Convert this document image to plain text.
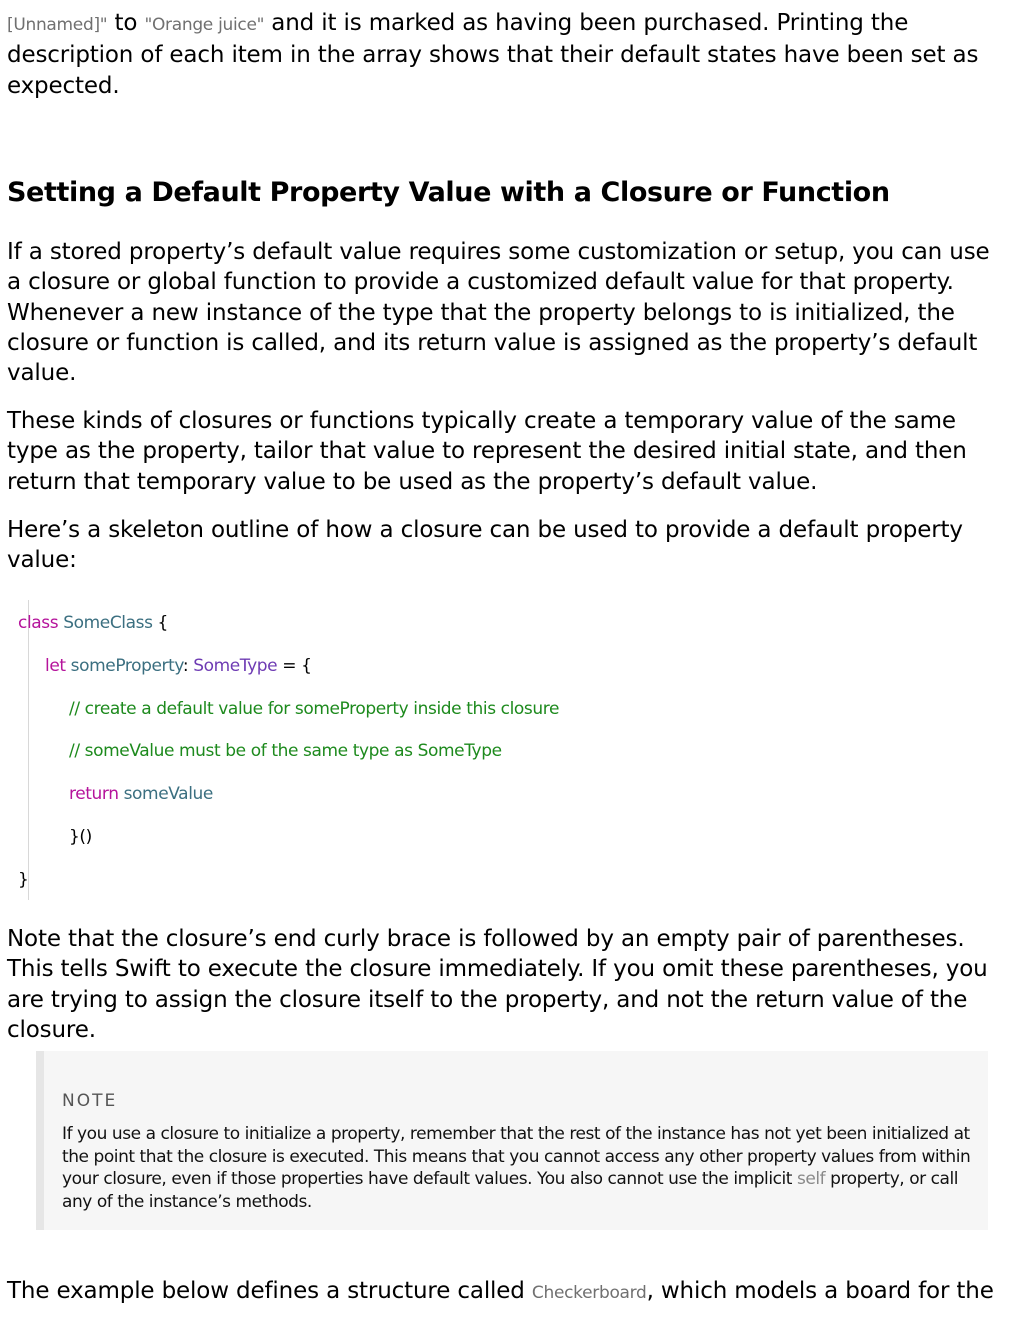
[Unnamed]" to "Orange juice" and it is marked as having been purchased. Printing the description of each item in the array shows that their default states have been set as expected.

Setting a Default Property Value with a Closure or Function

If a stored property’s default value requires some customization or setup, you can use a closure or global function to provide a customized default value for that property. Whenever a new instance of the type that the property belongs to is initialized, the closure or function is called, and its return value is assigned as the property’s default value.

These kinds of closures or functions typically create a temporary value of the same type as the property, tailor that value to represent the desired initial state, and then return that temporary value to be used as the property’s default value.

Here’s a skeleton outline of how a closure can be used to provide a default property value:

Note that the closure’s end curly brace is followed by an empty pair of parentheses. This tells Swift to execute the closure immediately. If you omit these parentheses, you are trying to assign the closure itself to the property, and not the return value of the closure.

The example below defines a structure called Checkerboard, which models a board for the

class SomeClass {
let someProperty: SomeType = {
// create a default value for someProperty inside this closure
// someValue must be of the same type as SomeType
return someValue
}()
}
NOTE

If you use a closure to initialize a property, remember that the rest of the instance has not yet been initialized at the point that the closure is executed. This means that you cannot access any other property values from within your closure, even if those properties have default values. You also cannot use the implicit self property, or call any of the instance’s methods.
